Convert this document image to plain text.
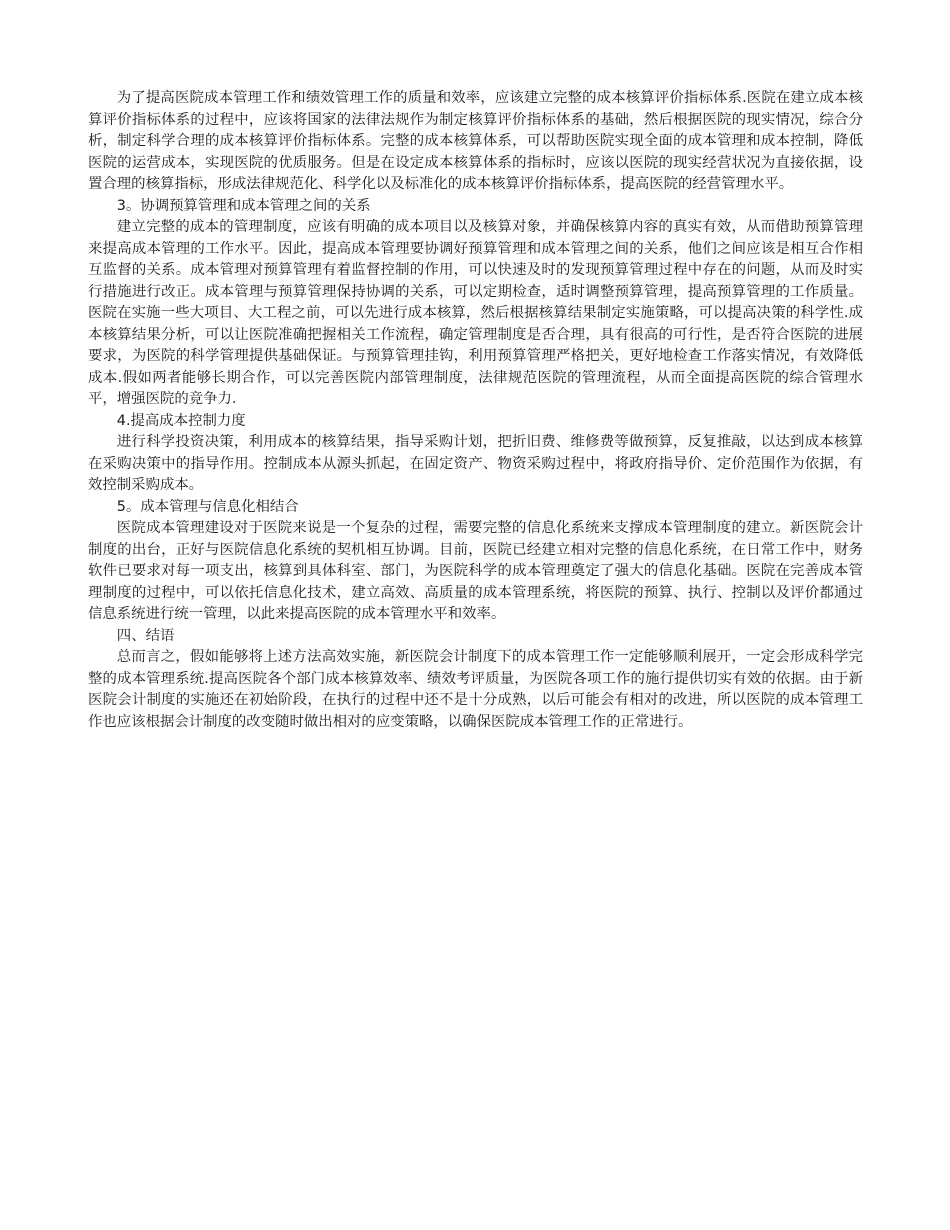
为了提高医院成本管理工作和绩效管理工作的质量和效率，应该建立完整的成本核算评价指标体系.医院在建立成本核算评价指标体系的过程中，应该将国家的法律法规作为制定核算评价指标体系的基础，然后根据医院的现实情况，综合分析，制定科学合理的成本核算评价指标体系。完整的成本核算体系，可以帮助医院实现全面的成本管理和成本控制，降低医院的运营成本，实现医院的优质服务。但是在设定成本核算体系的指标时，应该以医院的现实经营状况为直接依据，设置合理的核算指标，形成法律规范化、科学化以及标准化的成本核算评价指标体系，提高医院的经营管理水平。

3。协调预算管理和成本管理之间的关系

建立完整的成本的管理制度，应该有明确的成本项目以及核算对象，并确保核算内容的真实有效，从而借助预算管理来提高成本管理的工作水平。因此，提高成本管理要协调好预算管理和成本管理之间的关系，他们之间应该是相互合作相互监督的关系。成本管理对预算管理有着监督控制的作用，可以快速及时的发现预算管理过程中存在的问题，从而及时实行措施进行改正。成本管理与预算管理保持协调的关系，可以定期检查，适时调整预算管理，提高预算管理的工作质量。医院在实施一些大项目、大工程之前，可以先进行成本核算，然后根据核算结果制定实施策略，可以提高决策的科学性.成本核算结果分析，可以让医院准确把握相关工作流程，确定管理制度是否合理，具有很高的可行性，是否符合医院的进展要求，为医院的科学管理提供基础保证。与预算管理挂钩，利用预算管理严格把关，更好地检查工作落实情况，有效降低成本.假如两者能够长期合作，可以完善医院内部管理制度，法律规范医院的管理流程，从而全面提高医院的综合管理水平，增强医院的竞争力.

4.提高成本控制力度

进行科学投资决策，利用成本的核算结果，指导采购计划，把折旧费、维修费等做预算，反复推敲，以达到成本核算在采购决策中的指导作用。控制成本从源头抓起，在固定资产、物资采购过程中，将政府指导价、定价范围作为依据，有效控制采购成本。

5。成本管理与信息化相结合

医院成本管理建设对于医院来说是一个复杂的过程，需要完整的信息化系统来支撑成本管理制度的建立。新医院会计制度的出台，正好与医院信息化系统的契机相互协调。目前，医院已经建立相对完整的信息化系统，在日常工作中，财务软件已要求对每一项支出，核算到具体科室、部门，为医院科学的成本管理奠定了强大的信息化基础。医院在完善成本管理制度的过程中，可以依托信息化技术，建立高效、高质量的成本管理系统，将医院的预算、执行、控制以及评价都通过信息系统进行统一管理，以此来提高医院的成本管理水平和效率。

四、结语

总而言之，假如能够将上述方法高效实施，新医院会计制度下的成本管理工作一定能够顺利展开，一定会形成科学完整的成本管理系统.提高医院各个部门成本核算效率、绩效考评质量，为医院各项工作的施行提供切实有效的依据。由于新医院会计制度的实施还在初始阶段，在执行的过程中还不是十分成熟，以后可能会有相对的改进，所以医院的成本管理工作也应该根据会计制度的改变随时做出相对的应变策略，以确保医院成本管理工作的正常进行。
